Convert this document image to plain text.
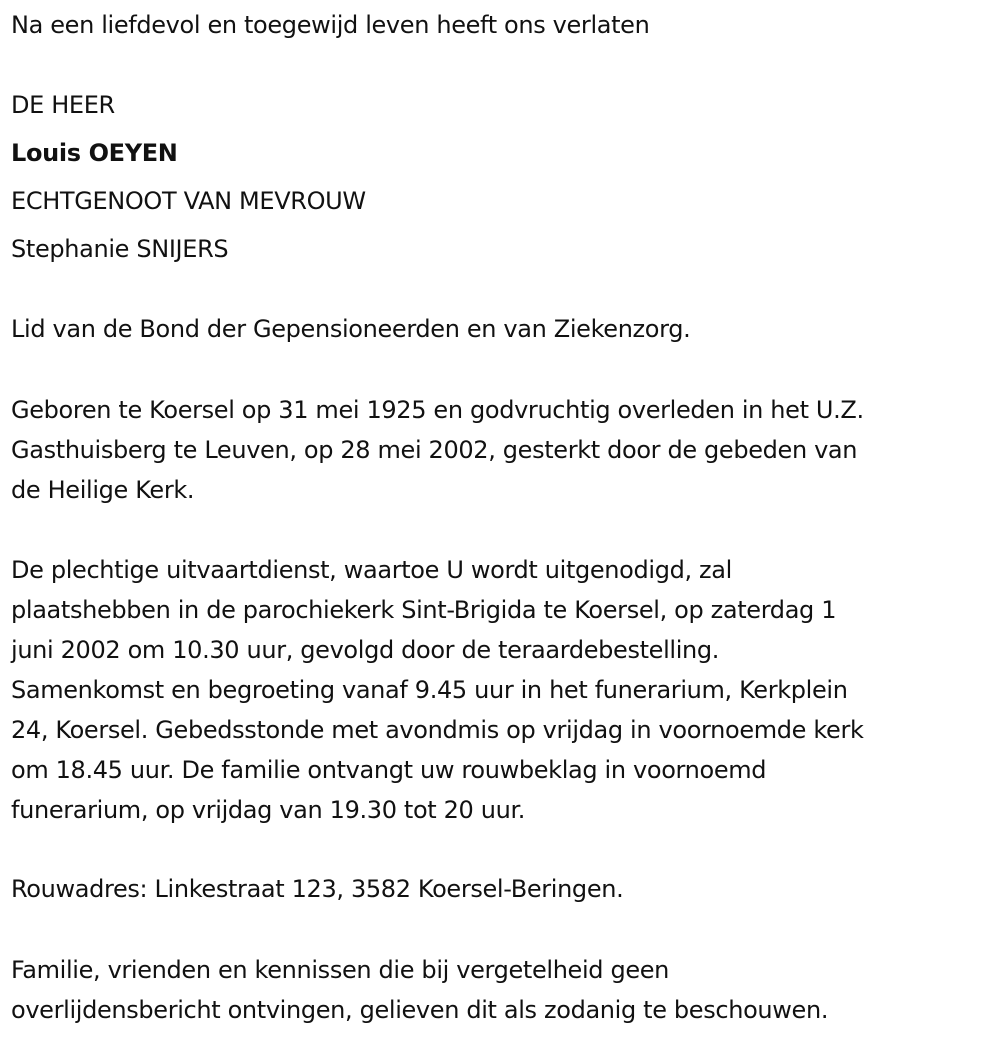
Na een liefdevol en toegewijd leven heeft ons verlaten
DE HEER
Louis OEYEN
ECHTGENOOT VAN MEVROUW
Stephanie SNIJERS
Lid van de Bond der Gepensioneerden en van Ziekenzorg.
Geboren te Koersel op 31 mei 1925 en godvruchtig overleden in het U.Z.
Gasthuisberg te Leuven, op 28 mei 2002, gesterkt door de gebeden van
de Heilige Kerk.
De plechtige uitvaartdienst, waartoe U wordt uitgenodigd, zal
plaatshebben in de parochiekerk Sint-Brigida te Koersel, op zaterdag 1
juni 2002 om 10.30 uur, gevolgd door de teraardebestelling.
Samenkomst en begroeting vanaf 9.45 uur in het funerarium, Kerkplein
24, Koersel. Gebedsstonde met avondmis op vrijdag in voornoemde kerk
om 18.45 uur. De familie ontvangt uw rouwbeklag in voornoemd
funerarium, op vrijdag van 19.30 tot 20 uur.
Rouwadres: Linkestraat 123, 3582 Koersel-Beringen.
Familie, vrienden en kennissen die bij vergetelheid geen
overlijdensbericht ontvingen, gelieven dit als zodanig te beschouwen.
